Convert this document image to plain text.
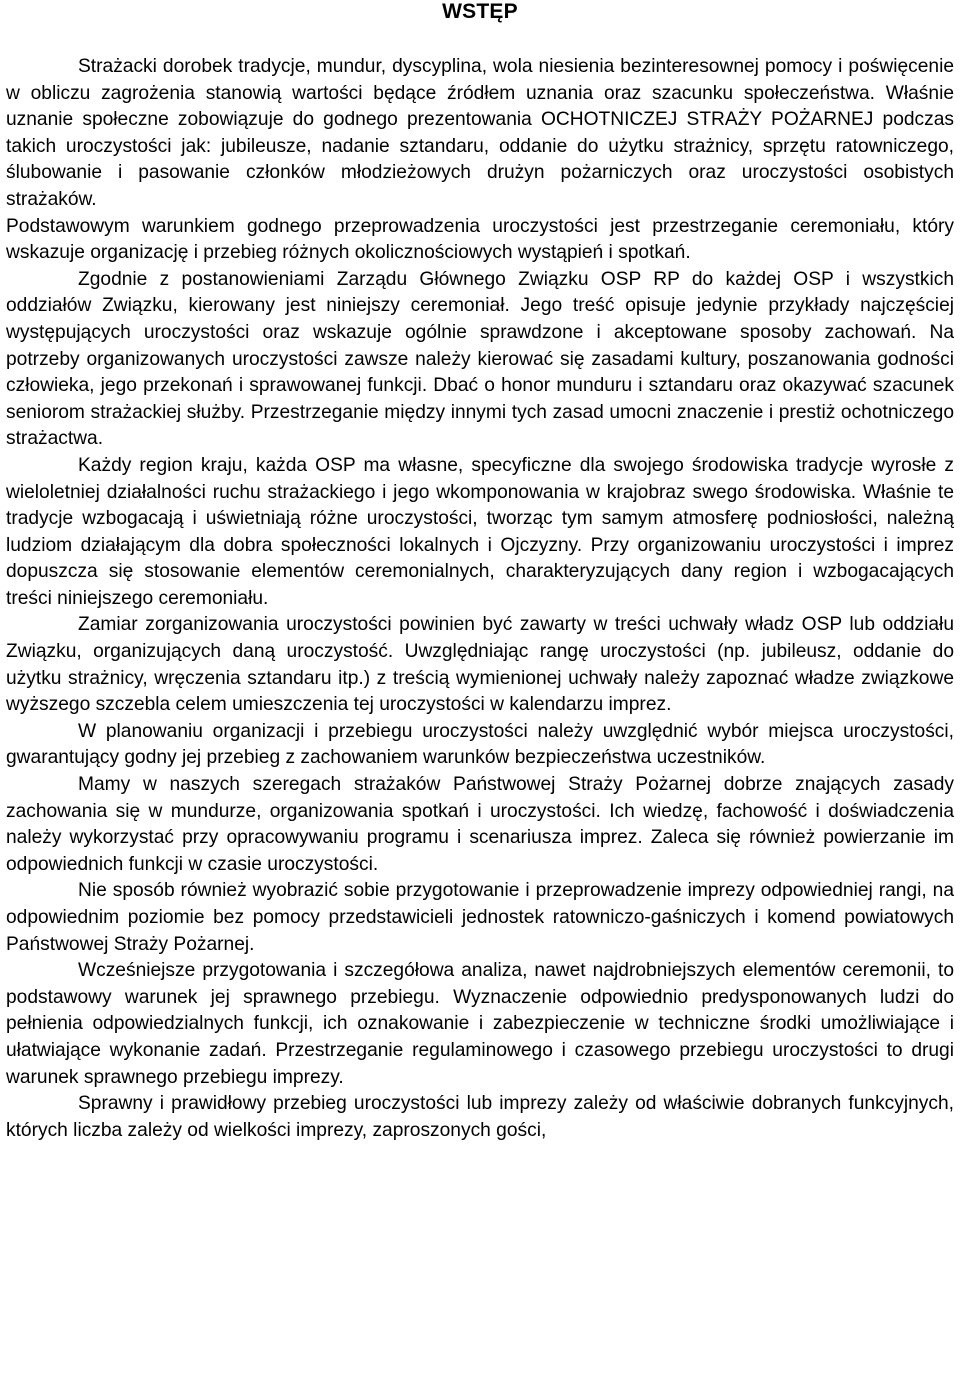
WSTĘP

Strażacki dorobek tradycje, mundur, dyscyplina, wola niesienia bezinteresownej pomocy i poświęcenie w obliczu zagrożenia stanowią wartości będące źródłem uznania oraz szacunku społeczeństwa. Właśnie uznanie społeczne zobowiązuje do godnego prezentowania OCHOTNICZEJ STRAŻY POŻARNEJ podczas takich uroczystości jak: jubileusze, nadanie sztandaru, oddanie do użytku strażnicy, sprzętu ratowniczego, ślubowanie i pasowanie członków młodzieżowych drużyn pożarniczych oraz uroczystości osobistych strażaków.

Podstawowym warunkiem godnego przeprowadzenia uroczystości jest przestrzeganie ceremoniału, który wskazuje organizację i przebieg różnych okolicznościowych wystąpień i spotkań.

Zgodnie z postanowieniami Zarządu Głównego Związku OSP RP do każdej OSP i wszystkich oddziałów Związku, kierowany jest niniejszy ceremoniał. Jego treść opisuje jedynie przykłady najczęściej występujących uroczystości oraz wskazuje ogólnie sprawdzone i akceptowane sposoby zachowań. Na potrzeby organizowanych uroczystości zawsze należy kierować się zasadami kultury, poszanowania godności człowieka, jego przekonań i sprawowanej funkcji. Dbać o honor munduru i sztandaru oraz okazywać szacunek seniorom strażackiej służby. Przestrzeganie między innymi tych zasad umocni znaczenie i prestiż ochotniczego strażactwa.

Każdy region kraju, każda OSP ma własne, specyficzne dla swojego środowiska tradycje wyrosłe z wieloletniej działalności ruchu strażackiego i jego wkomponowania w krajobraz swego środowiska. Właśnie te tradycje wzbogacają i uświetniają różne uroczystości, tworząc tym samym atmosferę podniosłości, należną ludziom działającym dla dobra społeczności lokalnych i Ojczyzny. Przy organizowaniu uroczystości i imprez dopuszcza się stosowanie elementów ceremonialnych, charakteryzujących dany region i wzbogacających treści niniejszego ceremoniału.

Zamiar zorganizowania uroczystości powinien być zawarty w treści uchwały władz OSP lub oddziału Związku, organizujących daną uroczystość. Uwzględniając rangę uroczystości (np. jubileusz, oddanie do użytku strażnicy, wręczenia sztandaru itp.) z treścią wymienionej uchwały należy zapoznać władze związkowe wyższego szczebla celem umieszczenia tej uroczystości w kalendarzu imprez.

W planowaniu organizacji i przebiegu uroczystości należy uwzględnić wybór miejsca uroczystości, gwarantujący godny jej przebieg z zachowaniem warunków bezpieczeństwa uczestników.

Mamy w naszych szeregach strażaków Państwowej Straży Pożarnej dobrze znających zasady zachowania się w mundurze, organizowania spotkań i uroczystości. Ich wiedzę, fachowość i doświadczenia należy wykorzystać przy opracowywaniu programu i scenariusza imprez. Zaleca się również powierzanie im odpowiednich funkcji w czasie uroczystości.

Nie sposób również wyobrazić sobie przygotowanie i przeprowadzenie imprezy odpowiedniej rangi, na odpowiednim poziomie bez pomocy przedstawicieli jednostek ratowniczo-gaśniczych i komend powiatowych Państwowej Straży Pożarnej.

Wcześniejsze przygotowania i szczegółowa analiza, nawet najdrobniejszych elementów ceremonii, to podstawowy warunek jej sprawnego przebiegu. Wyznaczenie odpowiednio predysponowanych ludzi do pełnienia odpowiedzialnych funkcji, ich oznakowanie i zabezpieczenie w techniczne środki umożliwiające i ułatwiające wykonanie zadań. Przestrzeganie regulaminowego i czasowego przebiegu uroczystości to drugi warunek sprawnego przebiegu imprezy.

Sprawny i prawidłowy przebieg uroczystości lub imprezy zależy od właściwie dobranych funkcyjnych, których liczba zależy od wielkości imprezy, zaproszonych gości,
